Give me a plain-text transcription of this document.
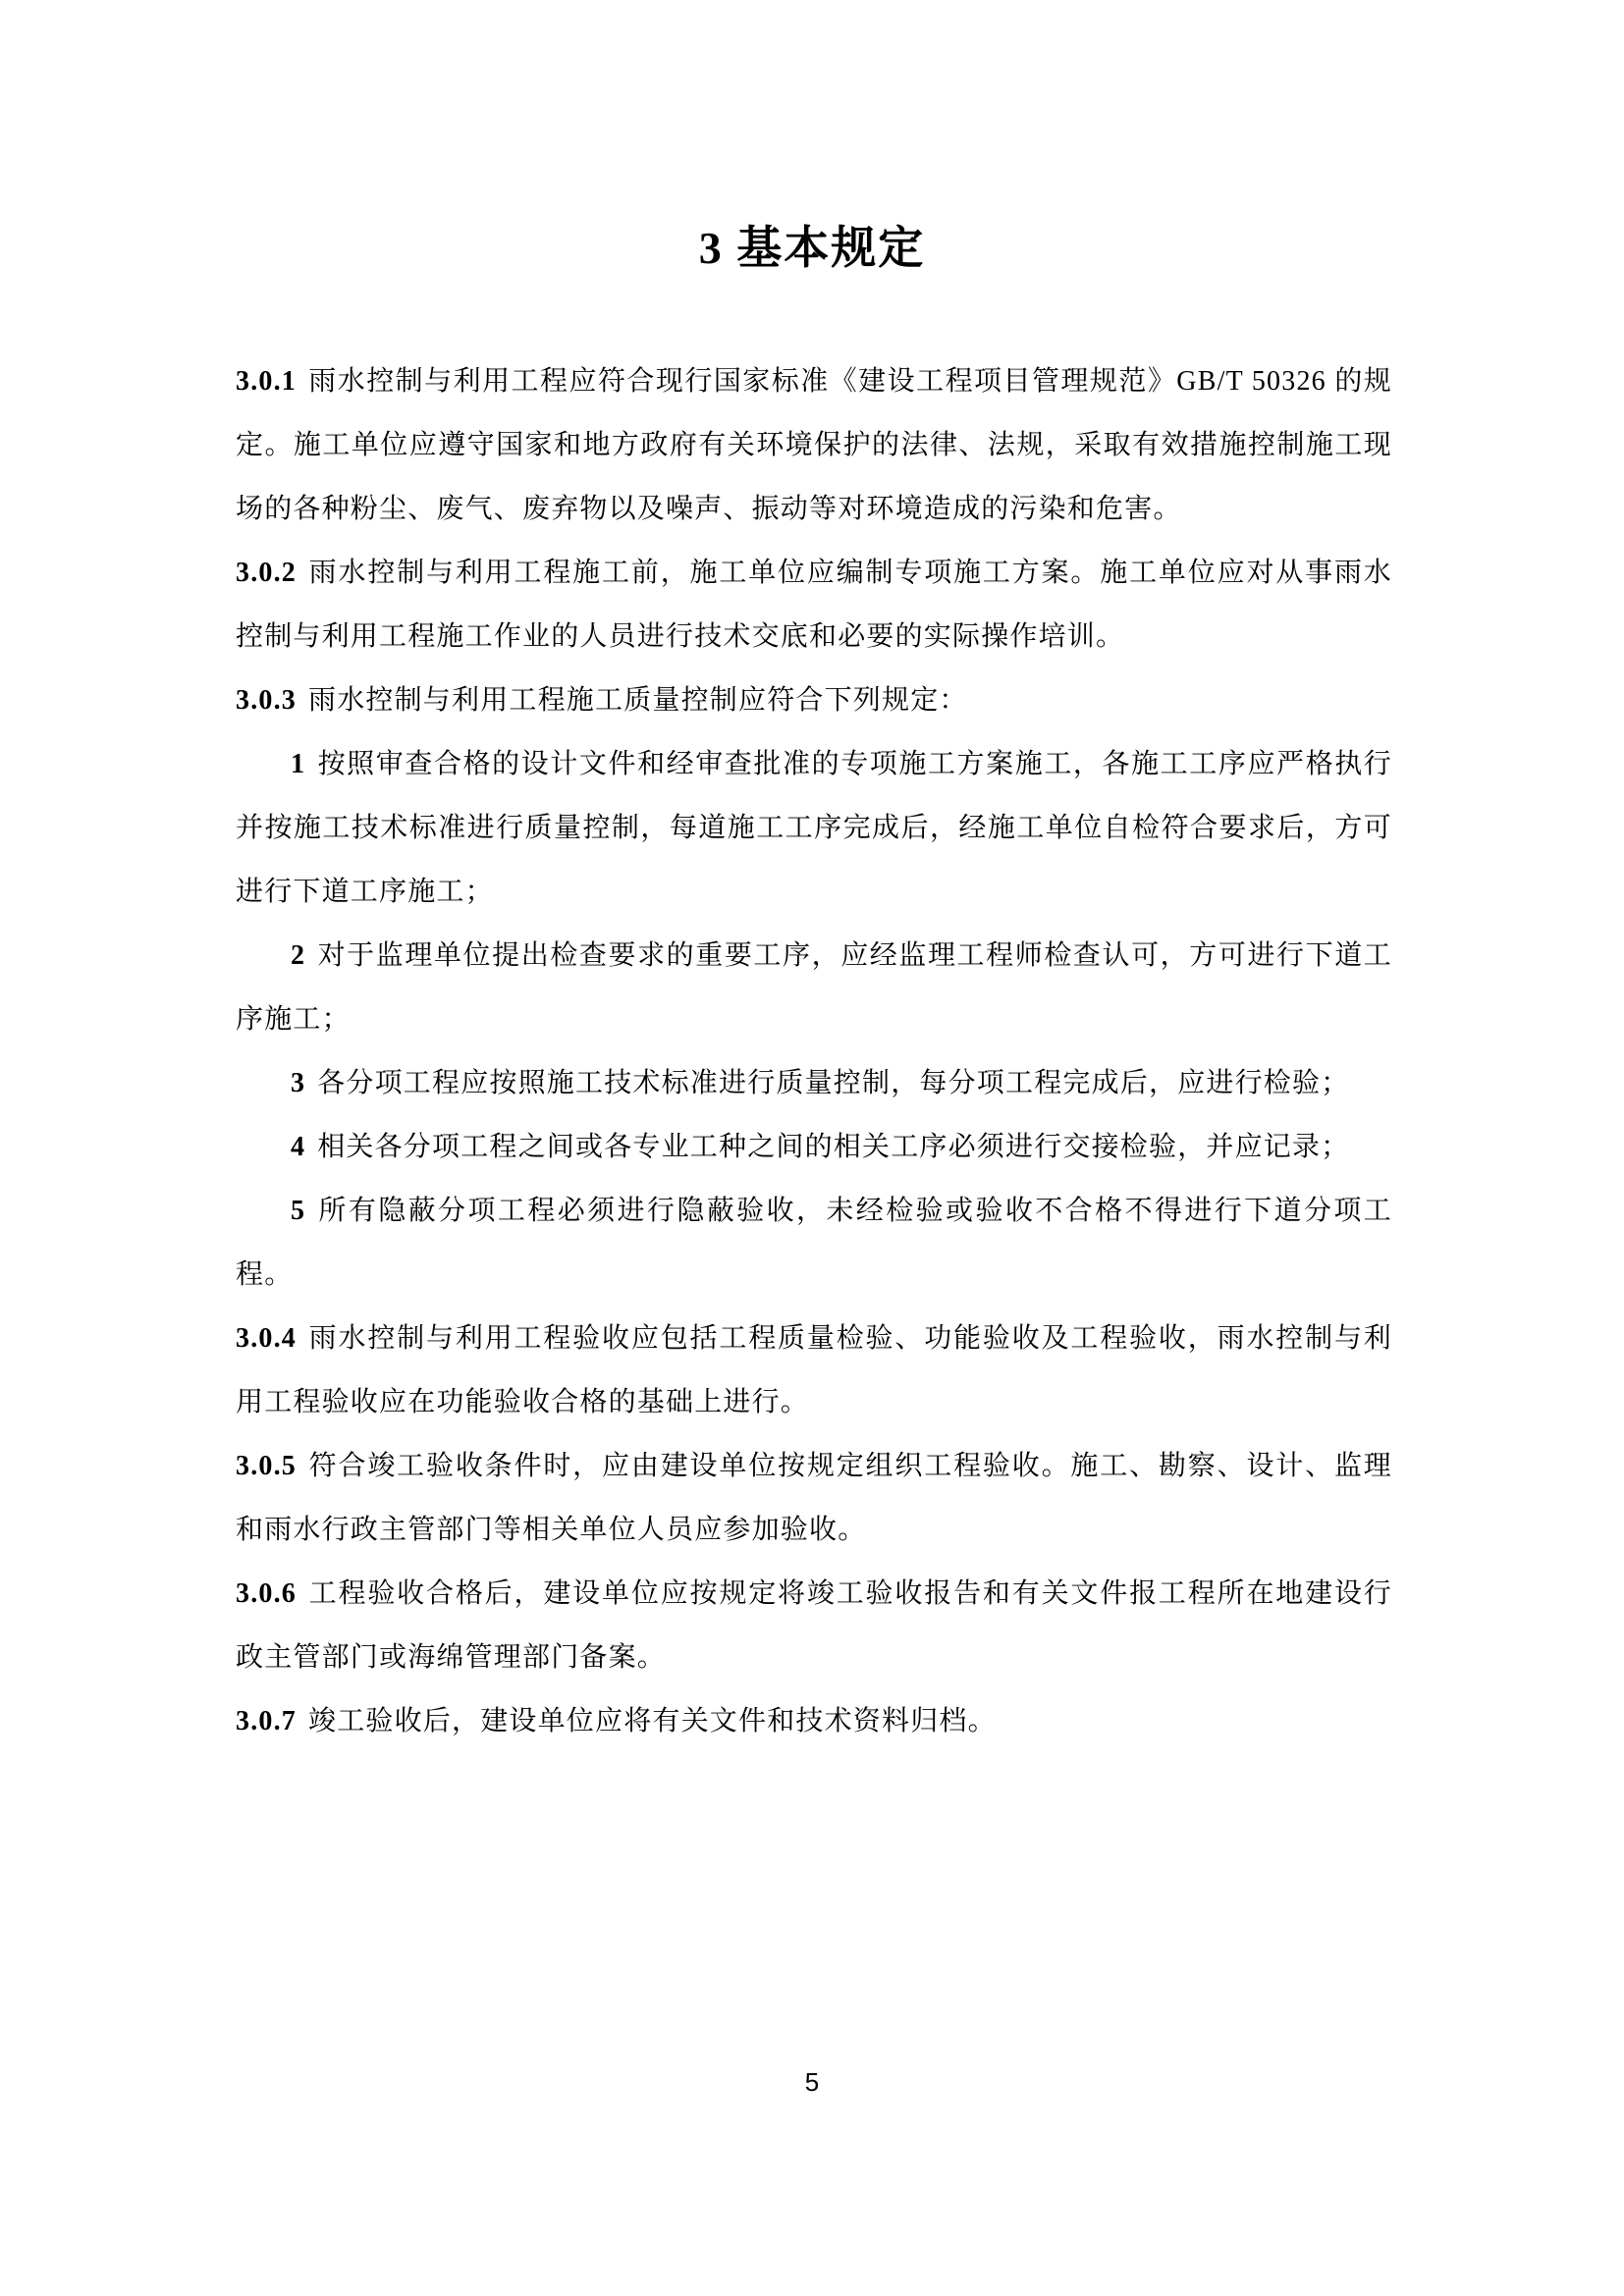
3 基本规定

3.0.1 雨水控制与利用工程应符合现行国家标准《建设工程项目管理规范》GB/T 50326 的规定。施工单位应遵守国家和地方政府有关环境保护的法律、法规，采取有效措施控制施工现场的各种粉尘、废气、废弃物以及噪声、振动等对环境造成的污染和危害。

3.0.2 雨水控制与利用工程施工前，施工单位应编制专项施工方案。施工单位应对从事雨水控制与利用工程施工作业的人员进行技术交底和必要的实际操作培训。

3.0.3 雨水控制与利用工程施工质量控制应符合下列规定：

1 按照审查合格的设计文件和经审查批准的专项施工方案施工，各施工工序应严格执行并按施工技术标准进行质量控制，每道施工工序完成后，经施工单位自检符合要求后，方可进行下道工序施工；

2 对于监理单位提出检查要求的重要工序，应经监理工程师检查认可，方可进行下道工序施工；

3 各分项工程应按照施工技术标准进行质量控制，每分项工程完成后，应进行检验；

4 相关各分项工程之间或各专业工种之间的相关工序必须进行交接检验，并应记录；

5 所有隐蔽分项工程必须进行隐蔽验收，未经检验或验收不合格不得进行下道分项工程。

3.0.4 雨水控制与利用工程验收应包括工程质量检验、功能验收及工程验收，雨水控制与利用工程验收应在功能验收合格的基础上进行。

3.0.5 符合竣工验收条件时，应由建设单位按规定组织工程验收。施工、勘察、设计、监理和雨水行政主管部门等相关单位人员应参加验收。

3.0.6 工程验收合格后，建设单位应按规定将竣工验收报告和有关文件报工程所在地建设行政主管部门或海绵管理部门备案。

3.0.7 竣工验收后，建设单位应将有关文件和技术资料归档。

5
